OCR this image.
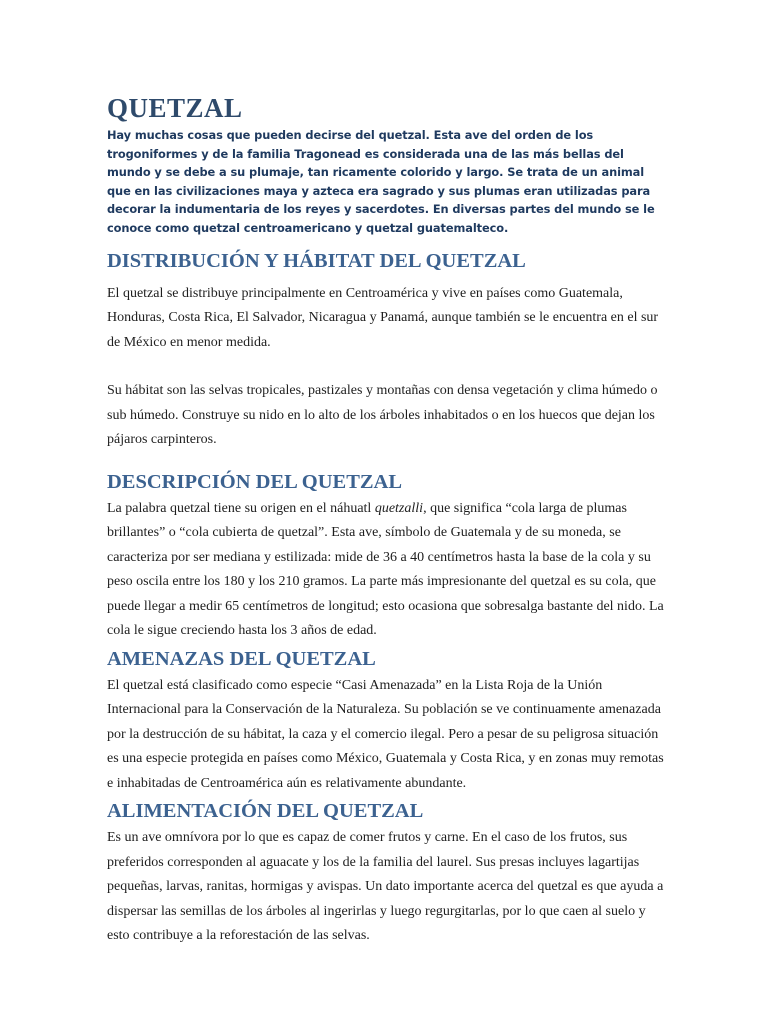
QUETZAL

Hay muchas cosas que pueden decirse del quetzal. Esta ave del orden de los trogoniformes y de la familia Tragonead es considerada una de las más bellas del mundo y se debe a su plumaje, tan ricamente colorido y largo. Se trata de un animal que en las civilizaciones maya y azteca era sagrado y sus plumas eran utilizadas para decorar la indumentaria de los reyes y sacerdotes. En diversas partes del mundo se le conoce como quetzal centroamericano y quetzal guatemalteco.

DISTRIBUCIÓN Y HÁBITAT DEL QUETZAL

El quetzal se distribuye principalmente en Centroamérica y vive en países como Guatemala, Honduras, Costa Rica, El Salvador, Nicaragua y Panamá, aunque también se le encuentra en el sur de México en menor medida.

Su hábitat son las selvas tropicales, pastizales y montañas con densa vegetación y clima húmedo o sub húmedo. Construye su nido en lo alto de los árboles inhabitados o en los huecos que dejan los pájaros carpinteros.

DESCRIPCIÓN DEL QUETZAL

La palabra quetzal tiene su origen en el náhuatl quetzalli, que significa “cola larga de plumas brillantes” o “cola cubierta de quetzal”. Esta ave, símbolo de Guatemala y de su moneda, se caracteriza por ser mediana y estilizada: mide de 36 a 40 centímetros hasta la base de la cola y su peso oscila entre los 180 y los 210 gramos. La parte más impresionante del quetzal es su cola, que puede llegar a medir 65 centímetros de longitud; esto ocasiona que sobresalga bastante del nido. La cola le sigue creciendo hasta los 3 años de edad.

AMENAZAS DEL QUETZAL

El quetzal está clasificado como especie “Casi Amenazada” en la Lista Roja de la Unión Internacional para la Conservación de la Naturaleza. Su población se ve continuamente amenazada por la destrucción de su hábitat, la caza y el comercio ilegal. Pero a pesar de su peligrosa situación es una especie protegida en países como México, Guatemala y Costa Rica, y en zonas muy remotas e inhabitadas de Centroamérica aún es relativamente abundante.

ALIMENTACIÓN DEL QUETZAL

Es un ave omnívora por lo que es capaz de comer frutos y carne. En el caso de los frutos, sus preferidos corresponden al aguacate y los de la familia del laurel. Sus presas incluyes lagartijas pequeñas, larvas, ranitas, hormigas y avispas. Un dato importante acerca del quetzal es que ayuda a dispersar las semillas de los árboles al ingerirlas y luego regurgitarlas, por lo que caen al suelo y esto contribuye a la reforestación de las selvas.
